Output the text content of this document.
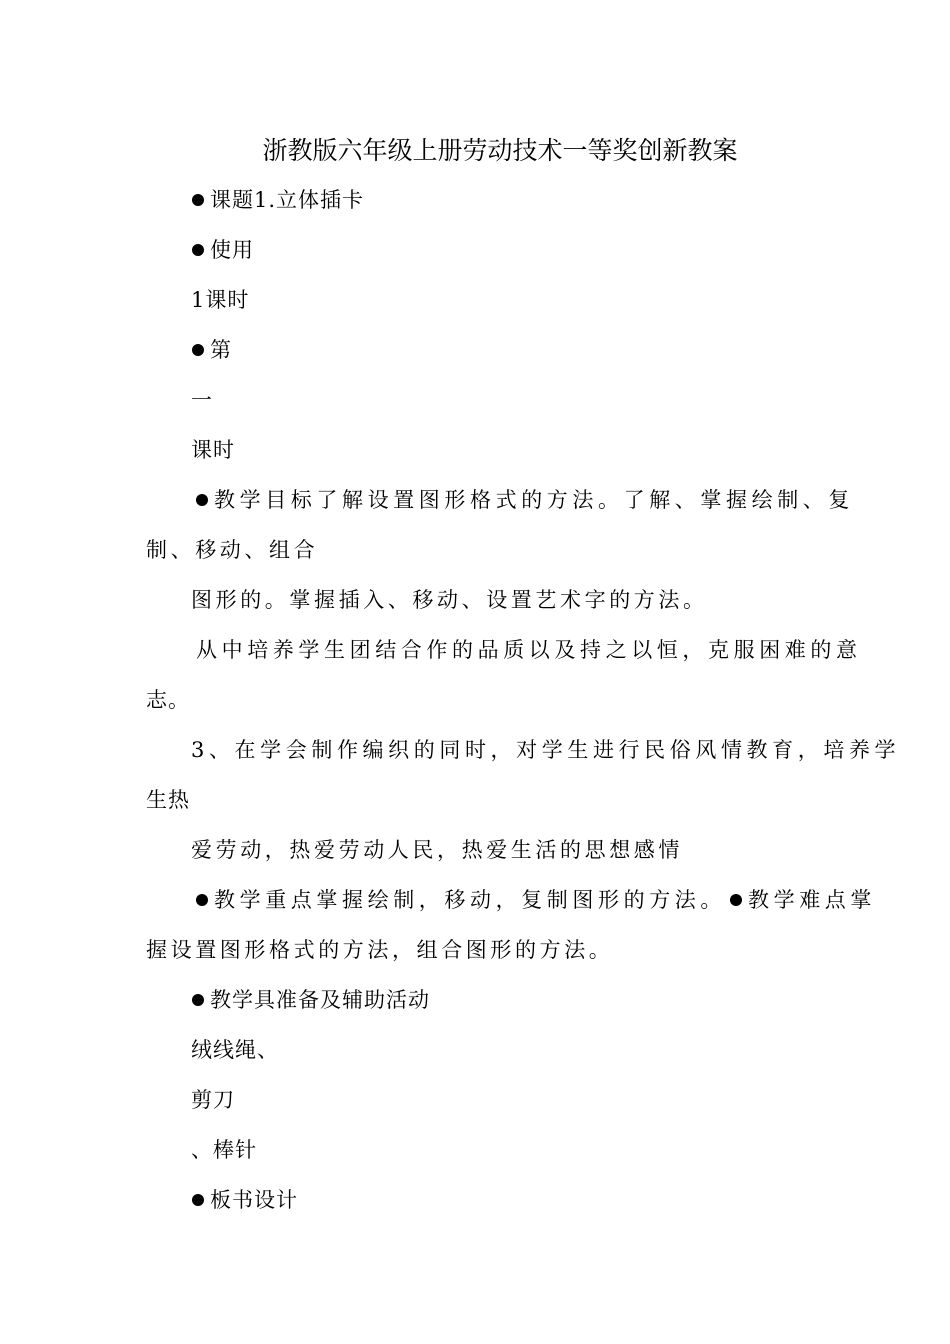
浙教版六年级上册劳动技术一等奖创新教案
课题1.立体插卡
使用
1课时
第
一
课时
教学目标了解设置图形格式的方法。了解、掌握绘制、复
制、移动、组合
图形的。掌握插入、移动、设置艺术字的方法。
从中培养学生团结合作的品质以及持之以恒，克服困难的意
志。
3、在学会制作编织的同时，对学生进行民俗风情教育，培养学
生热
爱劳动，热爱劳动人民，热爱生活的思想感情
教学重点掌握绘制，移动，复制图形的方法。 教学难点掌
握设置图形格式的方法，组合图形的方法。
教学具准备及辅助活动
绒线绳、
剪刀
、棒针
板书设计
